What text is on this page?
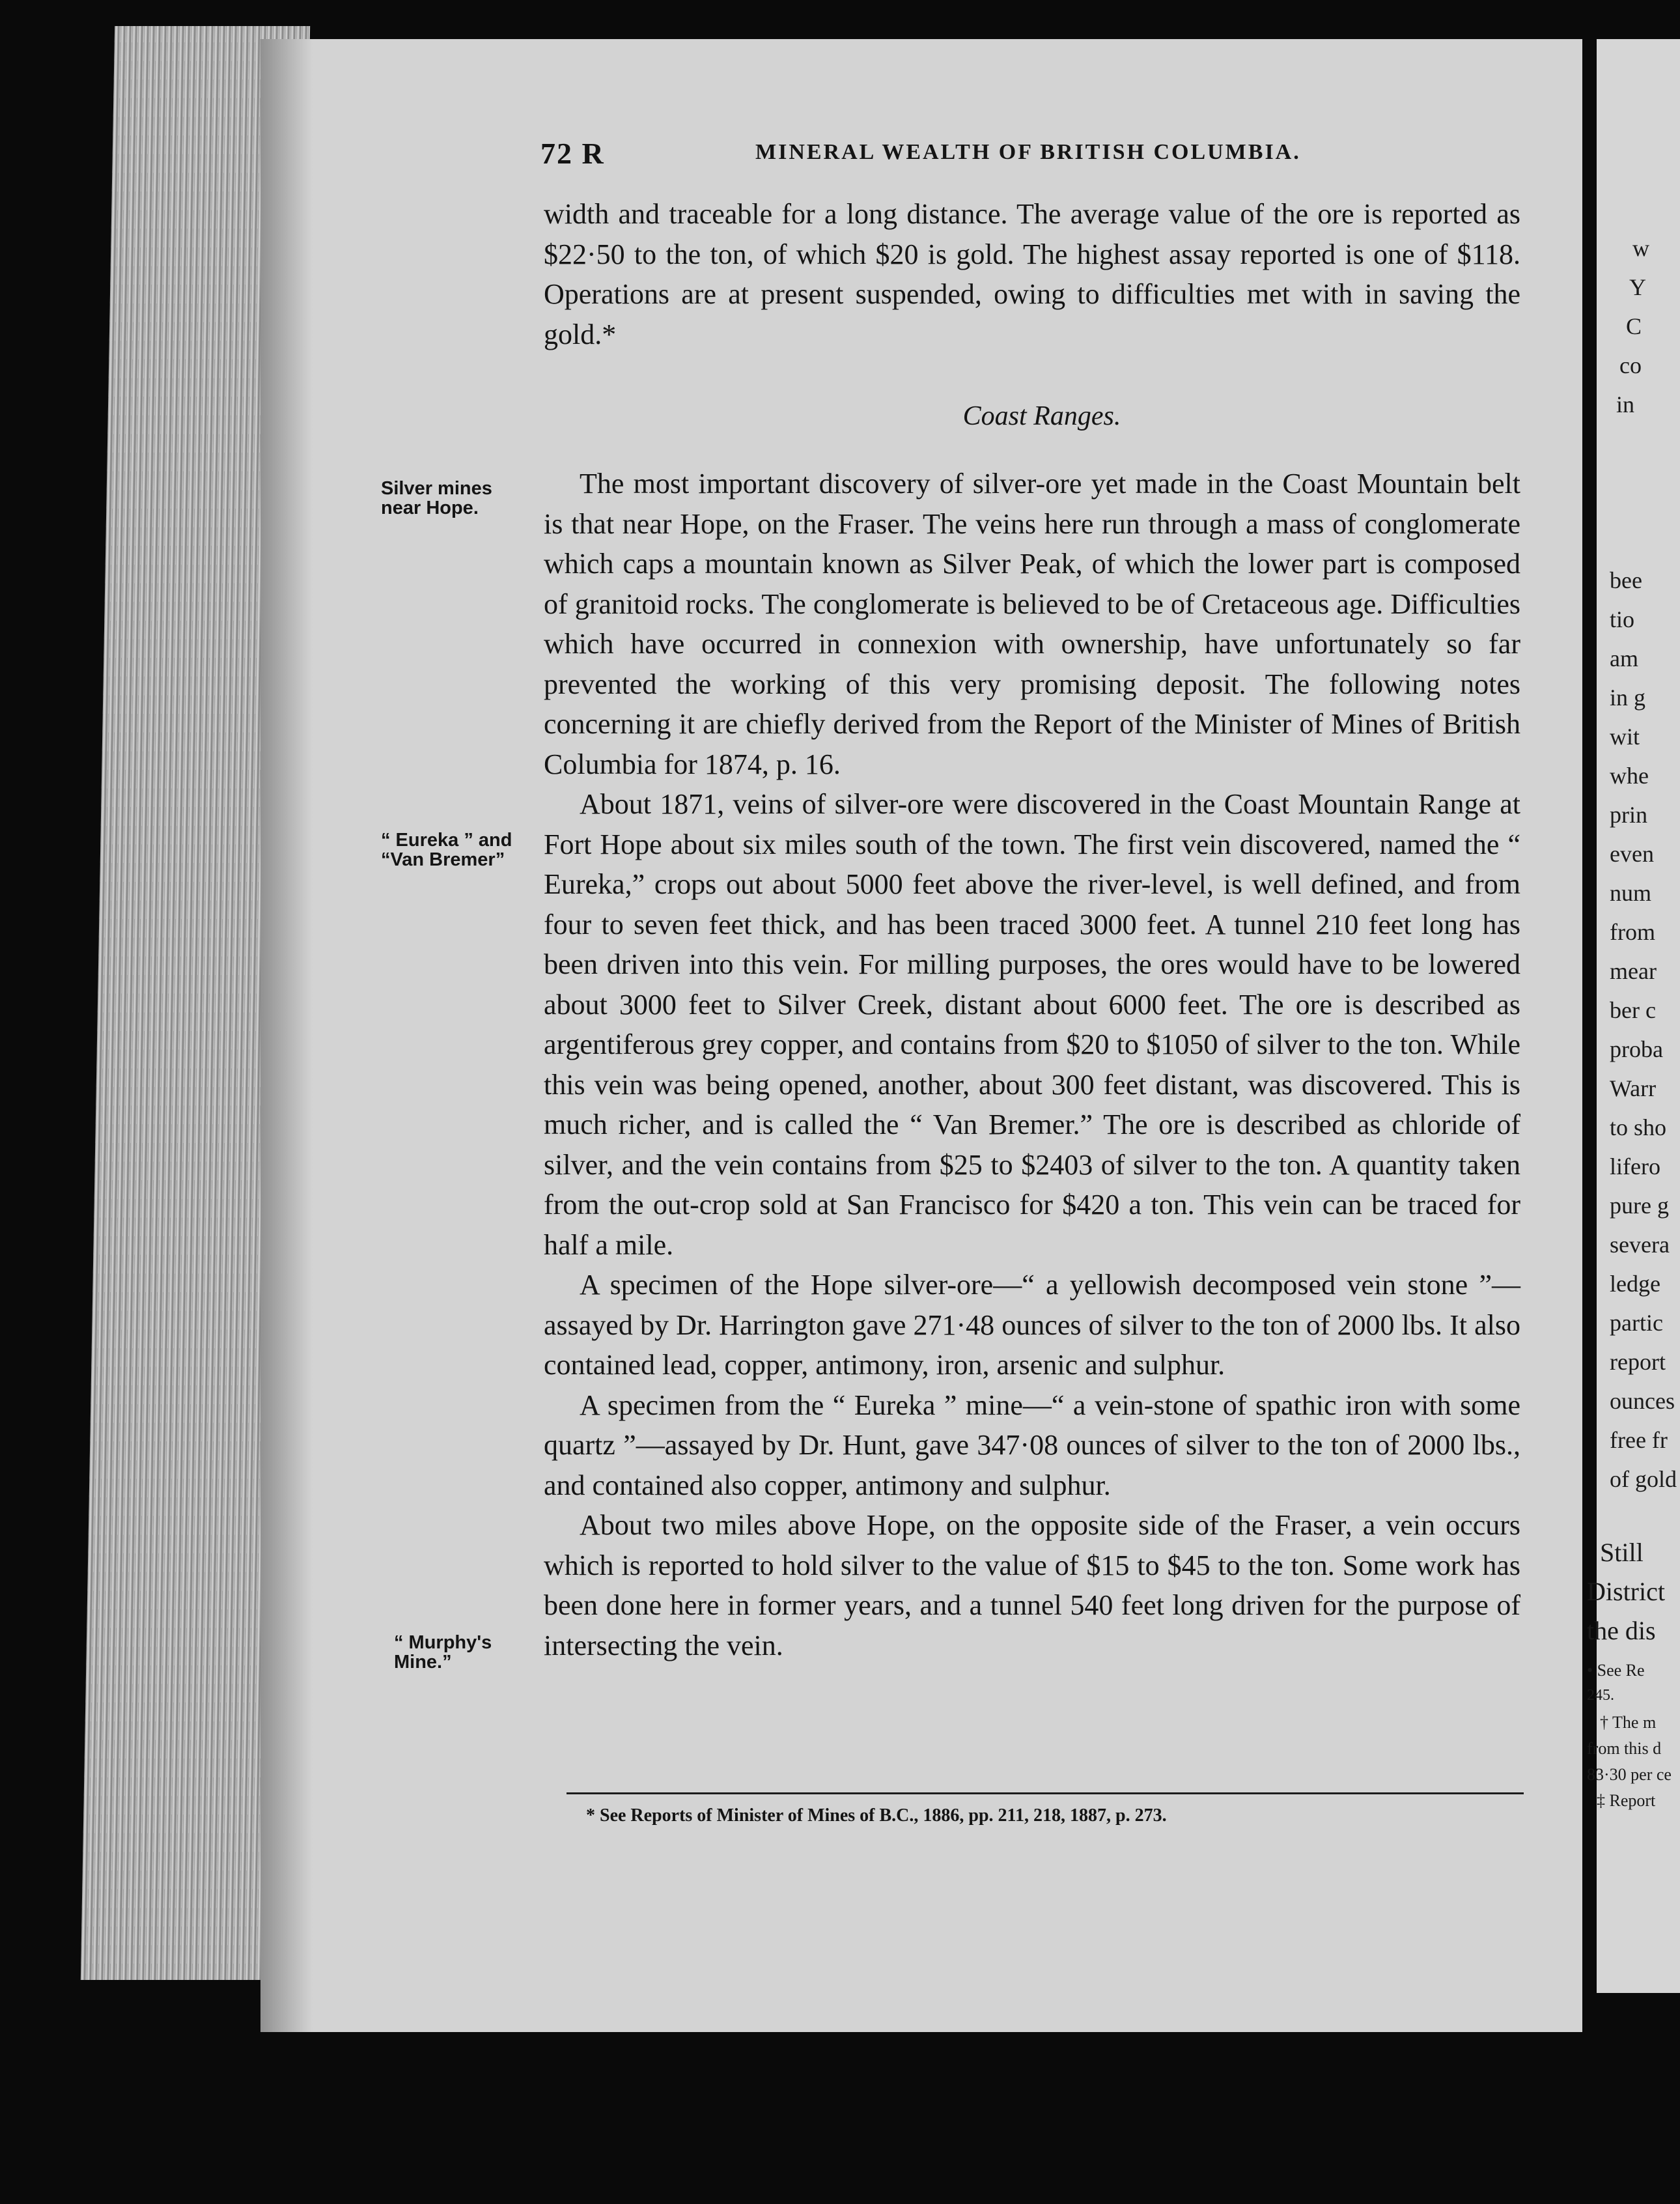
w
Y
C
co
in
bee
tio
am
in g
wit
whe
prin
even
num
from
mear
ber c
proba
Warr
to sho
lifero
pure g
severa
ledge
partic
report
ounces
free fr
of gold
Still
District
the dis
• See Re
245.
† The m
from this d
83·30 per ce
‡ Report
72 R	MINERAL WEALTH OF BRITISH COLUMBIA.

width and traceable for a long distance. The average value of the ore is reported as $22·50 to the ton, of which $20 is gold. The highest assay reported is one of $118. Operations are at present suspended, owing to difficulties met with in saving the gold.*

Coast Ranges.
Silver mines
near Hope.
“ Eureka ” and
“Van Bremer”
“ Murphy's
Mine.”

The most important discovery of silver-ore yet made in the Coast Mountain belt is that near Hope, on the Fraser. The veins here run through a mass of conglomerate which caps a mountain known as Silver Peak, of which the lower part is composed of granitoid rocks. The conglomerate is believed to be of Cretaceous age. Difficulties which have occurred in connexion with ownership, have unfortunately so far prevented the working of this very promising deposit. The following notes concerning it are chiefly derived from the Report of the Minister of Mines of British Columbia for 1874, p. 16.

About 1871, veins of silver-ore were discovered in the Coast Mountain Range at Fort Hope about six miles south of the town. The first vein discovered, named the “ Eureka,” crops out about 5000 feet above the river-level, is well defined, and from four to seven feet thick, and has been traced 3000 feet. A tunnel 210 feet long has been driven into this vein. For milling purposes, the ores would have to be lowered about 3000 feet to Silver Creek, distant about 6000 feet. The ore is described as argentiferous grey copper, and contains from $20 to $1050 of silver to the ton. While this vein was being opened, another, about 300 feet distant, was discovered. This is much richer, and is called the “ Van Bremer.” The ore is described as chloride of silver, and the vein contains from $25 to $2403 of silver to the ton. A quantity taken from the out-crop sold at San Francisco for $420 a ton. This vein can be traced for half a mile.

A specimen of the Hope silver-ore—“ a yellowish decomposed vein stone ”—assayed by Dr. Harrington gave 271·48 ounces of silver to the ton of 2000 lbs. It also contained lead, copper, antimony, iron, arsenic and sulphur.

A specimen from the “ Eureka ” mine—“ a vein-stone of spathic iron with some quartz ”—assayed by Dr. Hunt, gave 347·08 ounces of silver to the ton of 2000 lbs., and contained also copper, antimony and sulphur.

About two miles above Hope, on the opposite side of the Fraser, a vein occurs which is reported to hold silver to the value of $15 to $45 to the ton. Some work has been done here in former years, and a tunnel 540 feet long driven for the purpose of intersecting the vein.

* See Reports of Minister of Mines of B.C., 1886, pp. 211, 218, 1887, p. 273.
